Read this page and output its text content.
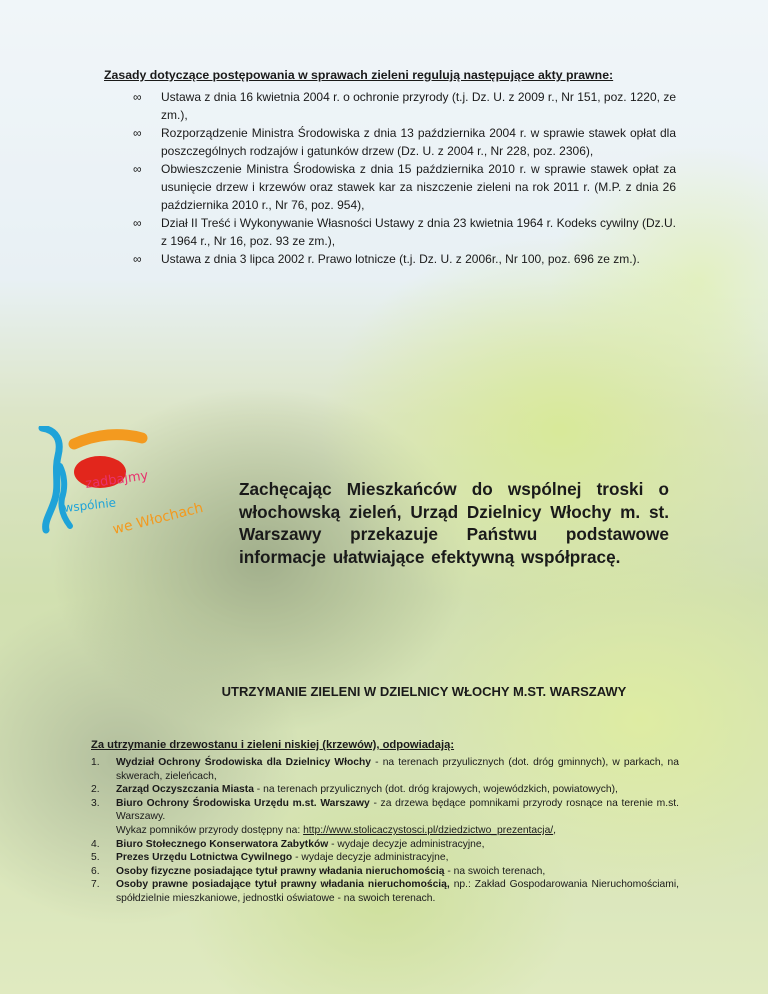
Zasady dotyczące postępowania w sprawach zieleni regulują następujące akty prawne:
∞ Ustawa z dnia 16 kwietnia 2004 r. o ochronie przyrody (t.j. Dz. U. z 2009 r., Nr 151, poz. 1220, ze zm.),
∞ Rozporządzenie Ministra Środowiska z dnia 13 października 2004 r. w sprawie stawek opłat dla poszczególnych rodzajów i gatunków drzew (Dz. U. z 2004 r., Nr 228, poz. 2306),
∞ Obwieszczenie Ministra Środowiska z dnia 15 października 2010 r. w sprawie stawek opłat za usunięcie drzew i krzewów oraz stawek kar za niszczenie zieleni na rok 2011 r. (M.P. z dnia 26 października 2010 r., Nr 76, poz. 954),
∞ Dział II Treść i Wykonywanie Własności Ustawy z dnia 23 kwietnia 1964 r. Kodeks cywilny (Dz.U. z 1964 r., Nr 16, poz. 93 ze zm.),
∞ Ustawa z dnia 3 lipca 2002 r. Prawo lotnicze (t.j. Dz. U. z 2006r., Nr 100, poz. 696 ze zm.).
zadbajmy
wspólnie
we Włochach

Zachęcając Mieszkańców do wspólnej troski o włochowską zieleń, Urząd Dzielnicy Włochy m. st. Warszawy przekazuje Państwu podstawowe informacje ułatwiające efektywną współpracę.

UTRZYMANIE ZIELENI W DZIELNICY WŁOCHY M.ST. WARSZAWY
Za utrzymanie drzewostanu i zieleni niskiej (krzewów), odpowiadają:
1. Wydział Ochrony Środowiska dla Dzielnicy Włochy - na terenach przyulicznych (dot. dróg gminnych), w parkach, na skwerach, zieleńcach,
2. Zarząd Oczyszczania Miasta - na terenach przyulicznych (dot. dróg krajowych, wojewódzkich, powiatowych),
3. Biuro Ochrony Środowiska Urzędu m.st. Warszawy - za drzewa będące pomnikami przyrody rosnące na terenie m.st. Warszawy.
Wykaz pomników przyrody dostępny na: http://www.stolicaczystosci.pl/dziedzictwo_prezentacja/,
4. Biuro Stołecznego Konserwatora Zabytków - wydaje decyzje administracyjne,
5. Prezes Urzędu Lotnictwa Cywilnego - wydaje decyzje administracyjne,
6. Osoby fizyczne posiadające tytuł prawny władania nieruchomością - na swoich terenach,
7. Osoby prawne posiadające tytuł prawny władania nieruchomością, np.: Zakład Gospodarowania Nieruchomościami, spółdzielnie mieszkaniowe, jednostki oświatowe - na swoich terenach.
